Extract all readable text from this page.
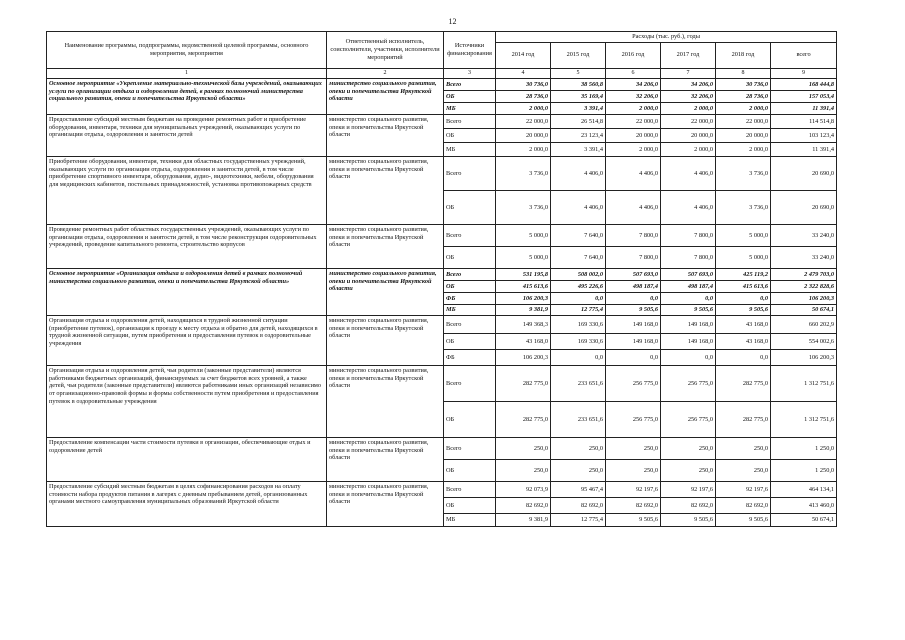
12
Наименование программы, подпрограммы, ведомственной целевой программы, основного мероприятия, мероприятия	Ответственный исполнитель, соисполнители, участники, исполнители мероприятий	Источники финансирования	Расходы (тыс. руб.), годы					
			2014 год	2015 год	2016 год	2017 год	2018 год	всего
1	2	3	4	5	6	7	8	9
Основное мероприятие «Укрепление материально-технической базы учреждений, оказывающих услуги по организации отдыха и оздоровления детей, в рамках полномочий министерства социального развития, опеки и попечительства Иркутской области»	министерство социального развития, опеки и попечительства Иркутской области	Всего	30 736,0	38 560,8	34 206,0	34 206,0	30 736,0	168 444,8
		ОБ	28 736,0	35 169,4	32 206,0	32 206,0	28 736,0	157 053,4
		МБ	2 000,0	3 391,4	2 000,0	2 000,0	2 000,0	11 391,4
Предоставление субсидий местным бюджетам на проведение ремонтных работ и приобретение оборудования, инвентаря, техники для муниципальных учреждений, оказывающих услуги по организации отдыха, оздоровления и занятости детей	министерство социального развития, опеки и попечительства Иркутской области	Всего	22 000,0	26 514,8	22 000,0	22 000,0	22 000,0	114 514,8
		ОБ	20 000,0	23 123,4	20 000,0	20 000,0	20 000,0	103 123,4
		МБ	2 000,0	3 391,4	2 000,0	2 000,0	2 000,0	11 391,4
Приобретение оборудования, инвентаря, техники для областных государственных учреждений, оказывающих услуги по организации отдыха, оздоровления и занятости детей, в том числе приобретение спортивного инвентаря, оборудования, аудио-, видеотехники, мебели, оборудования для медицинских кабинетов, постельных принадлежностей, установка противопожарных средств	министерство социального развития, опеки и попечительства Иркутской области	Всего	3 736,0	4 406,0	4 406,0	4 406,0	3 736,0	20 690,0
		ОБ	3 736,0	4 406,0	4 406,0	4 406,0	3 736,0	20 690,0
Проведение ремонтных работ областных государственных учреждений, оказывающих услуги по организации отдыха, оздоровления и занятости детей, в том числе реконструкция оздоровительных учреждений, проведение капитального ремонта, строительство корпусов	министерство социального развития, опеки и попечительства Иркутской области	Всего	5 000,0	7 640,0	7 800,0	7 800,0	5 000,0	33 240,0
		ОБ	5 000,0	7 640,0	7 800,0	7 800,0	5 000,0	33 240,0
Основное мероприятие «Организация отдыха и оздоровления детей в рамках полномочий министерства социального развития, опеки и попечительства Иркутской области»	министерство социального развития, опеки и попечительства Иркутской области	Всего	531 195,8	508 002,0	507 693,0	507 693,0	425 119,2	2 479 703,0
		ОБ	415 613,6	495 226,6	498 187,4	498 187,4	415 613,6	2 322 828,6
		ФБ	106 200,3	0,0	0,0	0,0	0,0	106 200,3
		МБ	9 381,9	12 775,4	9 505,6	9 505,6	9 505,6	50 674,1
Организация отдыха и оздоровления детей, находящихся в трудной жизненной ситуации (приобретение путевок), организация к проезду к месту отдыха и обратно для детей, находящихся в трудной жизненной ситуации, путем приобретения и предоставления путевок в оздоровительные учреждения	министерство социального развития, опеки и попечительства Иркутской области	Всего	149 368,3	169 330,6	149 168,0	149 168,0	43 168,0	660 202,9
		ОБ	43 168,0	169 330,6	149 168,0	149 168,0	43 168,0	554 002,6
		ФБ	106 200,3	0,0	0,0	0,0	0,0	106 200,3
Организация отдыха и оздоровления детей, чьи родители (законные представители) являются работниками бюджетных организаций, финансируемых за счет бюджетов всех уровней, а также детей, чьи родители (законные представители) являются работниками иных организаций независимо от организационно-правовой формы и формы собственности путем приобретения и предоставления путевок в оздоровительные учреждения	министерство социального развития, опеки и попечительства Иркутской области	Всего	282 775,0	233 651,6	256 775,0	256 775,0	282 775,0	1 312 751,6
		ОБ	282 775,0	233 651,6	256 775,0	256 775,0	282 775,0	1 312 751,6
Предоставление компенсации части стоимости путевки в организации, обеспечивающие отдых и оздоровление детей	министерство социального развития, опеки и попечительства Иркутской области	Всего	250,0	250,0	250,0	250,0	250,0	1 250,0
		ОБ	250,0	250,0	250,0	250,0	250,0	1 250,0
Предоставление субсидий местным бюджетам в целях софинансирования расходов на оплату стоимости набора продуктов питания в лагерях с дневным пребыванием детей, организованных органами местного самоуправления муниципальных образований Иркутской области	министерство социального развития, опеки и попечительства Иркутской области	Всего	92 073,9	95 467,4	92 197,6	92 197,6	92 197,6	464 134,1
		ОБ	82 692,0	82 692,0	82 692,0	82 692,0	82 692,0	413 460,0
		МБ	9 381,9	12 775,4	9 505,6	9 505,6	9 505,6	50 674,1
